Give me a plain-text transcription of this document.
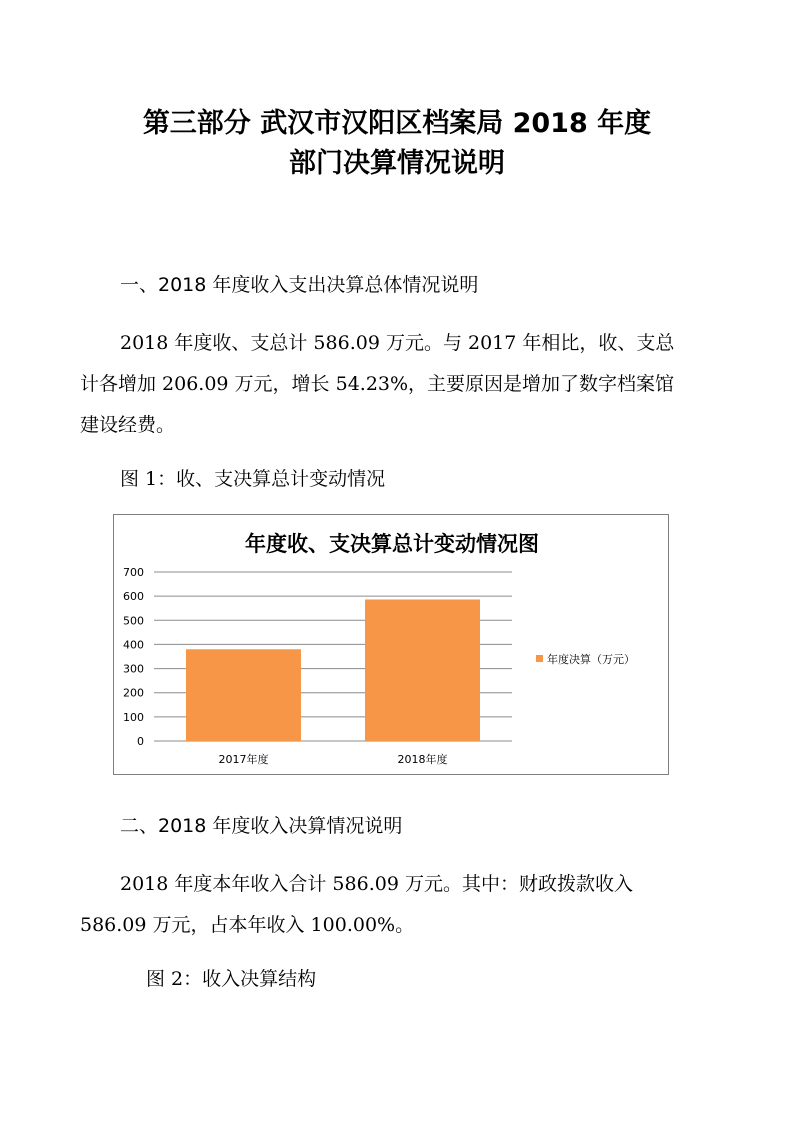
第三部分 武汉市汉阳区档案局 2018 年度
部门决算情况说明
一、2018 年度收入支出决算总体情况说明
2018 年度收、支总计 586.09 万元。与 2017 年相比，收、支总
计各增加 206.09 万元，增长 54.23%，主要原因是增加了数字档案馆
建设经费。
图 1：收、支决算总计变动情况
年度收、支决算总计变动情况图
0
100
200
300
400
500
600
700
2017年度	2018年度
年度决算（万元）
二、2018 年度收入决算情况说明
2018 年度本年收入合计 586.09 万元。其中：财政拨款收入
586.09 万元，占本年收入 100.00%。
图 2：收入决算结构
